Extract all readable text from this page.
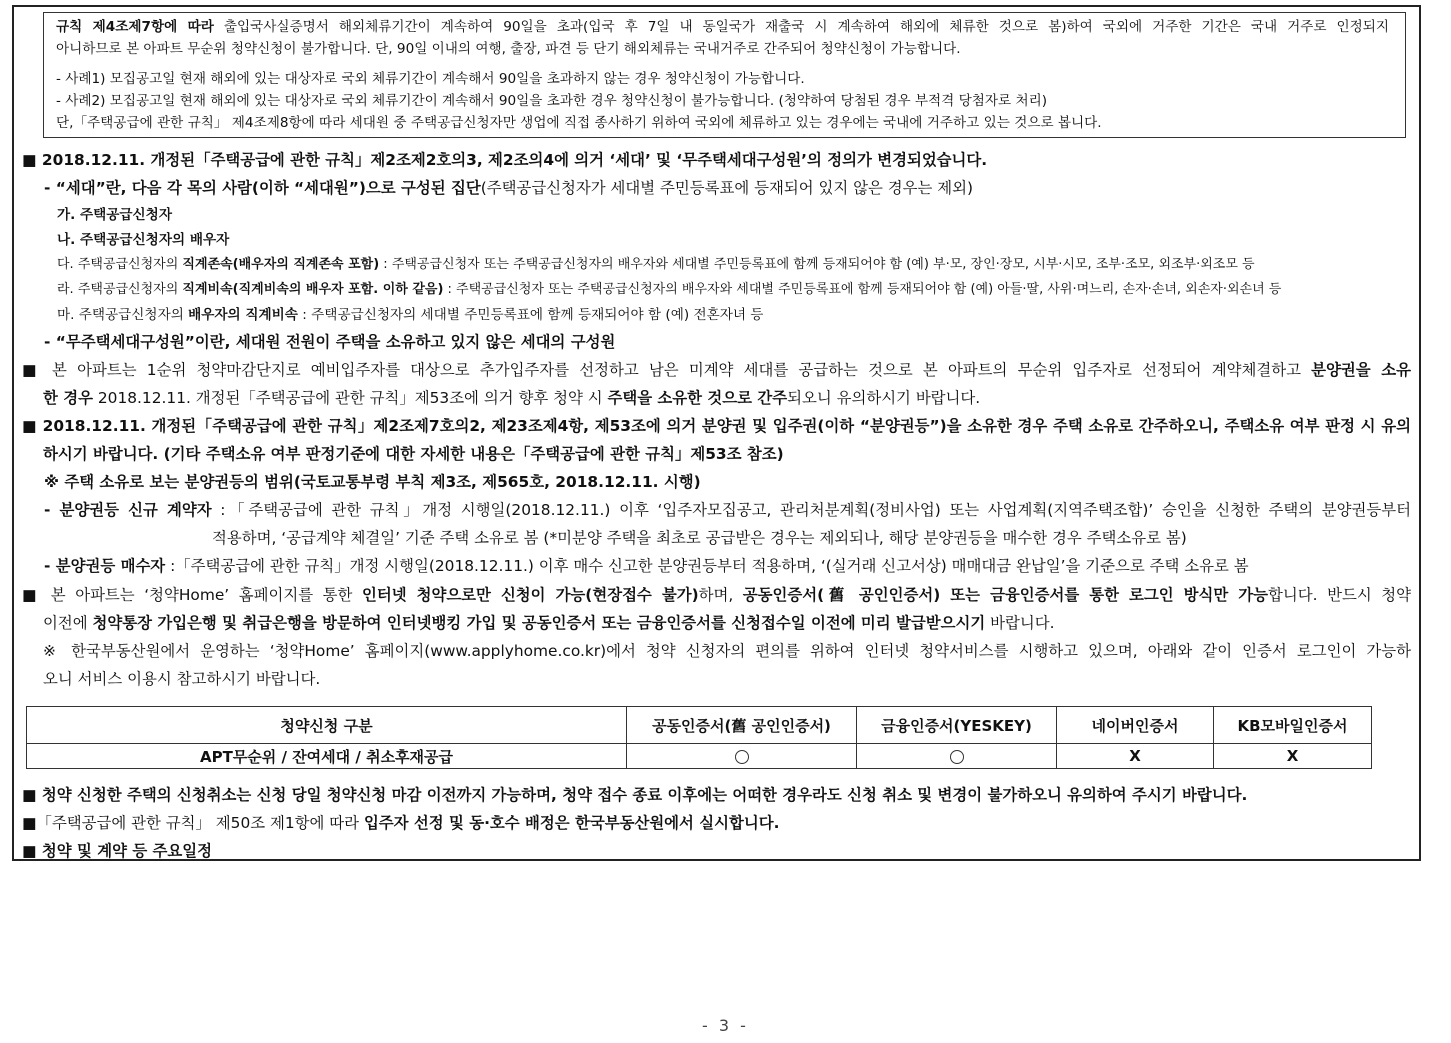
규칙 제4조제7항에 따라 출입국사실증명서 해외체류기간이 계속하여 90일을 초과(입국 후 7일 내 동일국가 재출국 시 계속하여 해외에 체류한 것으로 봄)하여 국외에 거주한 기간은 국내 거주로 인정되지
아니하므로 본 아파트 무순위 청약신청이 불가합니다. 단, 90일 이내의 여행, 출장, 파견 등 단기 해외체류는 국내거주로 간주되어 청약신청이 가능합니다.
- 사례1) 모집공고일 현재 해외에 있는 대상자로 국외 체류기간이 계속해서 90일을 초과하지 않는 경우 청약신청이 가능합니다.
- 사례2) 모집공고일 현재 해외에 있는 대상자로 국외 체류기간이 계속해서 90일을 초과한 경우 청약신청이 불가능합니다. (청약하여 당첨된 경우 부적격 당첨자로 처리)
단,「주택공급에 관한 규칙」 제4조제8항에 따라 세대원 중 주택공급신청자만 생업에 직접 종사하기 위하여 국외에 체류하고 있는 경우에는 국내에 거주하고 있는 것으로 봅니다.
■ 2018.12.11. 개정된「주택공급에 관한 규칙」제2조제2호의3, 제2조의4에 의거 ‘세대’ 및 ‘무주택세대구성원’의 정의가 변경되었습니다.
- “세대”란, 다음 각 목의 사람(이하 “세대원”)으로 구성된 집단(주택공급신청자가 세대별 주민등록표에 등재되어 있지 않은 경우는 제외)
가. 주택공급신청자
나. 주택공급신청자의 배우자
다. 주택공급신청자의 직계존속(배우자의 직계존속 포함) : 주택공급신청자 또는 주택공급신청자의 배우자와 세대별 주민등록표에 함께 등재되어야 함 (예) 부·모, 장인·장모, 시부·시모, 조부·조모, 외조부·외조모 등
라. 주택공급신청자의 직계비속(직계비속의 배우자 포함. 이하 같음) : 주택공급신청자 또는 주택공급신청자의 배우자와 세대별 주민등록표에 함께 등재되어야 함 (예) 아들·딸, 사위·며느리, 손자·손녀, 외손자·외손녀 등
마. 주택공급신청자의 배우자의 직계비속 : 주택공급신청자의 세대별 주민등록표에 함께 등재되어야 함 (예) 전혼자녀 등
- “무주택세대구성원”이란, 세대원 전원이 주택을 소유하고 있지 않은 세대의 구성원
■ 본 아파트는 1순위 청약마감단지로 예비입주자를 대상으로 추가입주자를 선정하고 남은 미계약 세대를 공급하는 것으로 본 아파트의 무순위 입주자로 선정되어 계약체결하고 분양권을 소유
한 경우 2018.12.11. 개정된「주택공급에 관한 규칙」제53조에 의거 향후 청약 시 주택을 소유한 것으로 간주되오니 유의하시기 바랍니다.
■ 2018.12.11. 개정된「주택공급에 관한 규칙」제2조제7호의2, 제23조제4항, 제53조에 의거 분양권 및 입주권(이하 “분양권등”)을 소유한 경우 주택 소유로 간주하오니, 주택소유 여부 판정 시 유의
하시기 바랍니다. (기타 주택소유 여부 판정기준에 대한 자세한 내용은「주택공급에 관한 규칙」제53조 참조)
※ 주택 소유로 보는 분양권등의 범위(국토교통부령 부칙 제3조, 제565호, 2018.12.11. 시행)
- 분양권등 신규 계약자 :「주택공급에 관한 규칙」개정 시행일(2018.12.11.) 이후 ‘입주자모집공고, 관리처분계획(정비사업) 또는 사업계획(지역주택조합)’ 승인을 신청한 주택의 분양권등부터
적용하며, ‘공급계약 체결일’ 기준 주택 소유로 봄 (*미분양 주택을 최초로 공급받은 경우는 제외되나, 해당 분양권등을 매수한 경우 주택소유로 봄)
- 분양권등 매수자 :「주택공급에 관한 규칙」개정 시행일(2018.12.11.) 이후 매수 신고한 분양권등부터 적용하며, ‘(실거래 신고서상) 매매대금 완납일’을 기준으로 주택 소유로 봄
■ 본 아파트는 ‘청약Home’ 홈페이지를 통한 인터넷 청약으로만 신청이 가능(현장접수 불가)하며, 공동인증서(舊 공인인증서) 또는 금융인증서를 통한 로그인 방식만 가능합니다. 반드시 청약
이전에 청약통장 가입은행 및 취급은행을 방문하여 인터넷뱅킹 가입 및 공동인증서 또는 금융인증서를 신청접수일 이전에 미리 발급받으시기 바랍니다.
※ 한국부동산원에서 운영하는 ‘청약Home’ 홈페이지(www.applyhome.co.kr)에서 청약 신청자의 편의를 위하여 인터넷 청약서비스를 시행하고 있으며, 아래와 같이 인증서 로그인이 가능하
오니 서비스 이용시 참고하시기 바랍니다.
청약신청 구분	공동인증서(舊 공인인증서)	금융인증서(YESKEY)	네이버인증서	KB모바일인증서
APT무순위 / 잔여세대 / 취소후재공급			X	X
■ 청약 신청한 주택의 신청취소는 신청 당일 청약신청 마감 이전까지 가능하며, 청약 접수 종료 이후에는 어떠한 경우라도 신청 취소 및 변경이 불가하오니 유의하여 주시기 바랍니다.
■「주택공급에 관한 규칙」 제50조 제1항에 따라 입주자 선정 및 동·호수 배정은 한국부동산원에서 실시합니다.
■ 청약 및 계약 등 주요일정
- 3 -
